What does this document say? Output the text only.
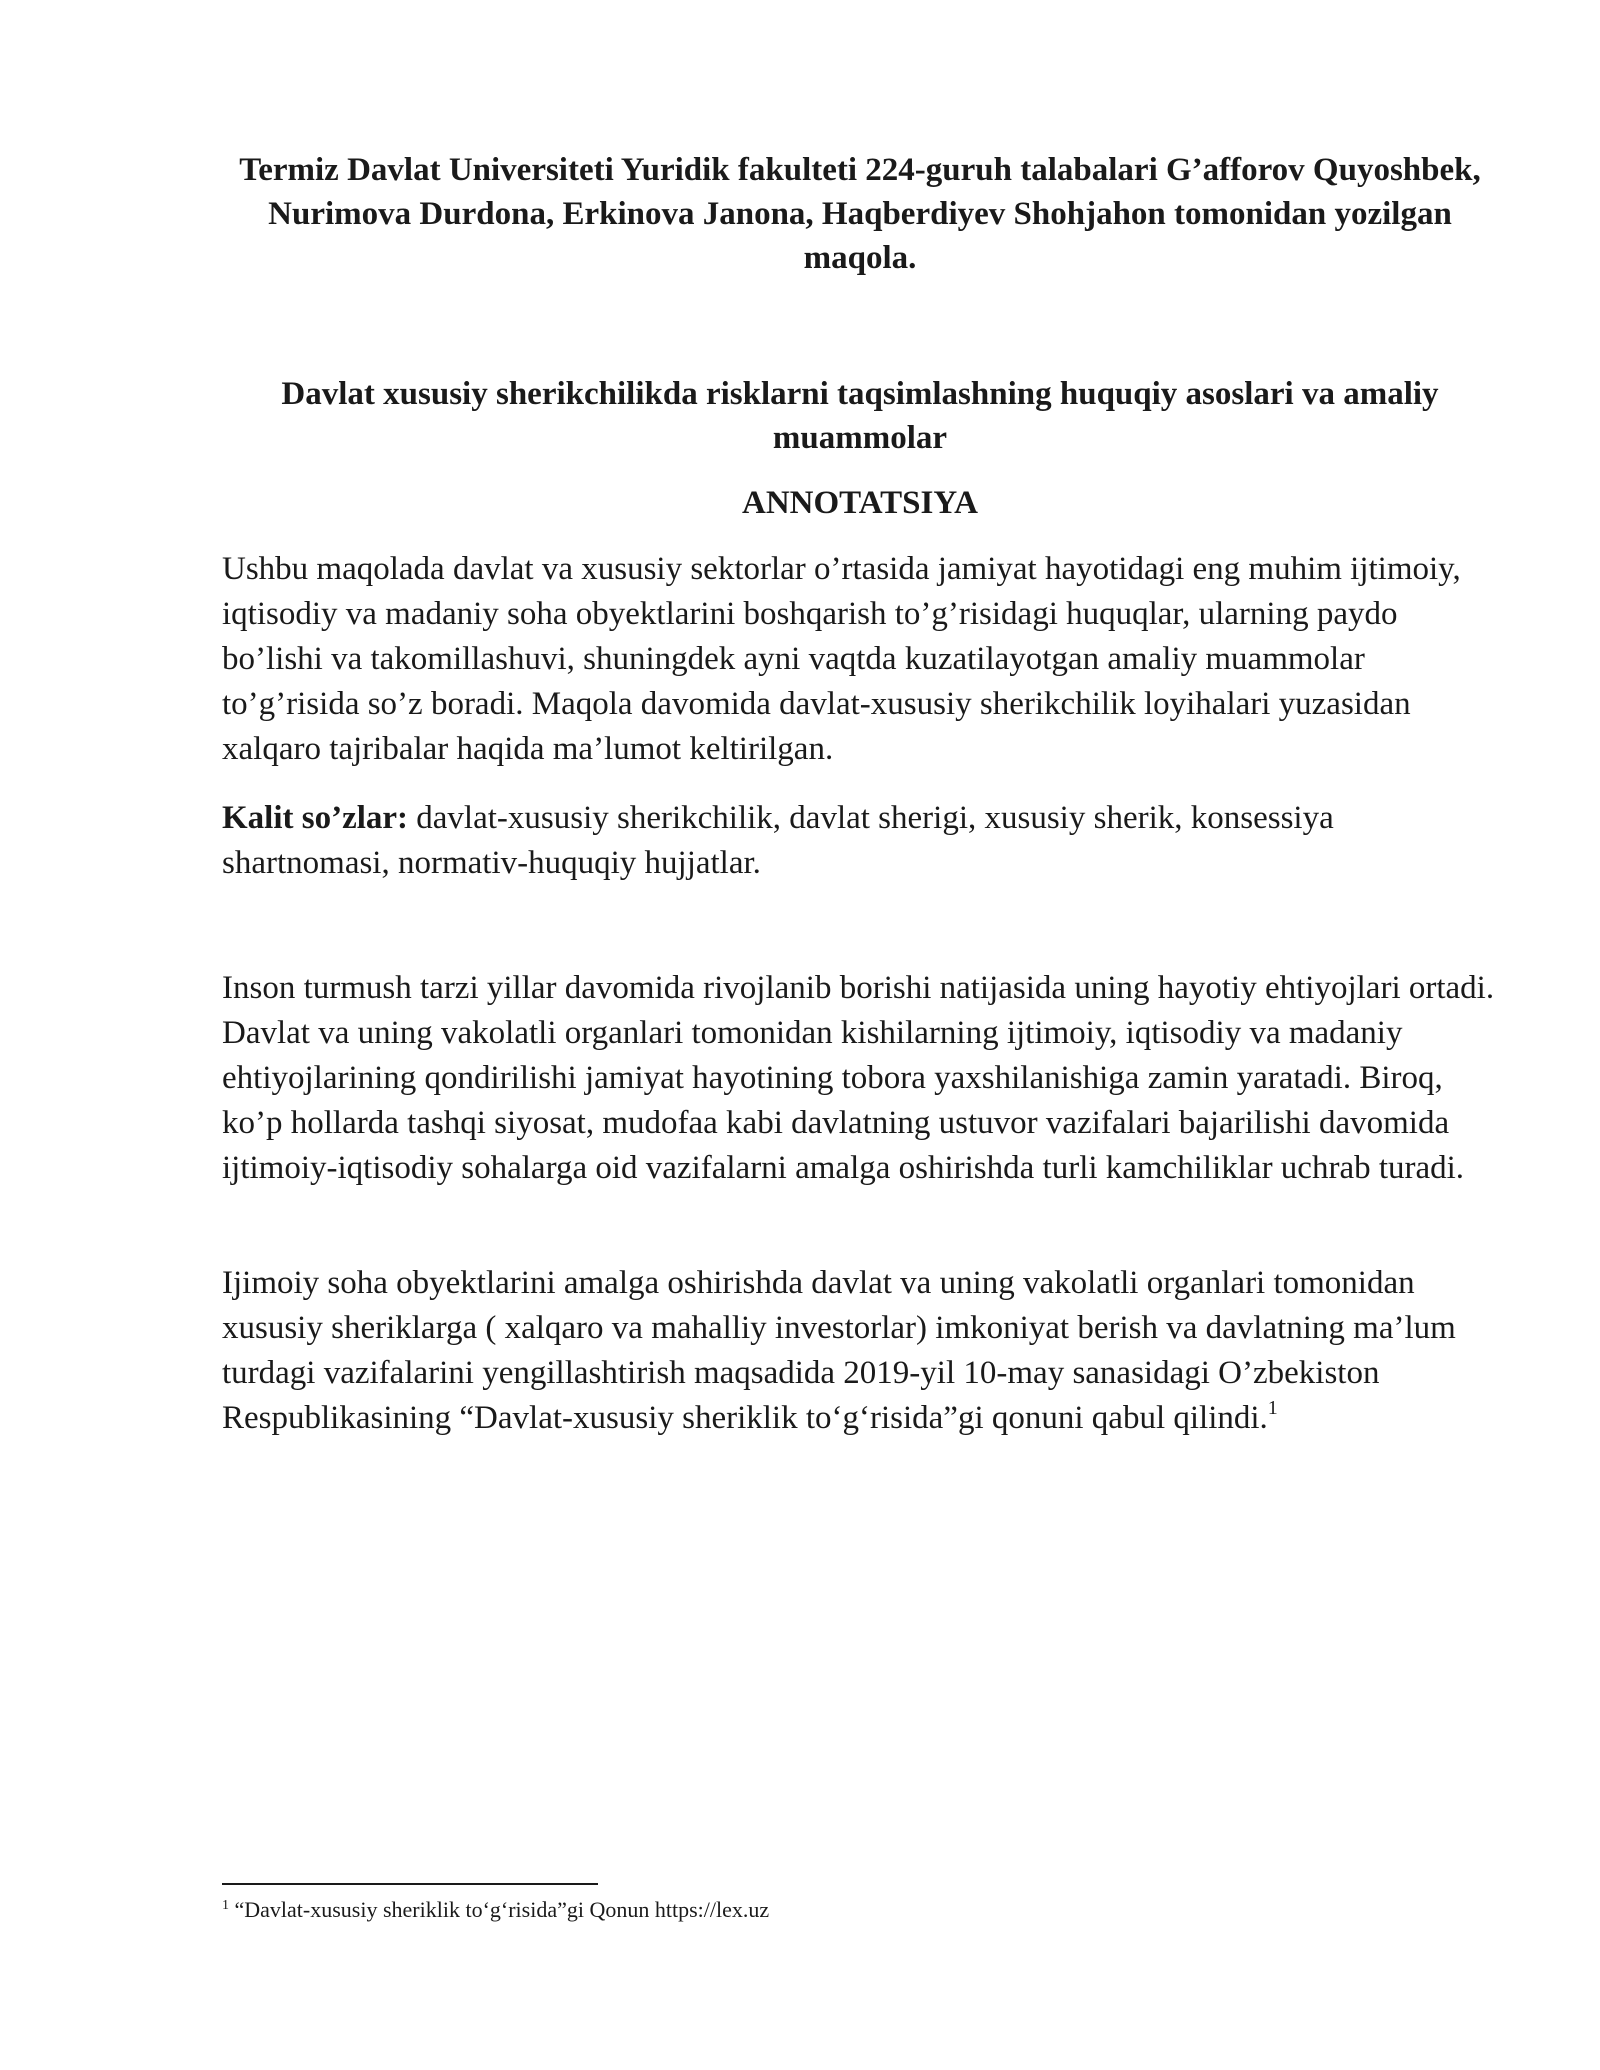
Termiz Davlat Universiteti Yuridik fakulteti 224-guruh talabalari G’afforov Quyoshbek, Nurimova Durdona, Erkinova Janona, Haqberdiyev Shohjahon tomonidan yozilgan maqola.
Davlat xususiy sherikchilikda risklarni taqsimlashning huquqiy asoslari va amaliy muammolar
ANNOTATSIYA

Ushbu maqolada davlat va xususiy sektorlar o’rtasida jamiyat hayotidagi eng muhim ijtimoiy, iqtisodiy va madaniy soha obyektlarini boshqarish to’g’risidagi huquqlar, ularning paydo bo’lishi va takomillashuvi, shuningdek ayni vaqtda kuzatilayotgan amaliy muammolar to’g’risida so’z boradi. Maqola davomida davlat-xususiy sherikchilik loyihalari yuzasidan xalqaro tajribalar haqida ma’lumot keltirilgan.

Kalit so’zlar: davlat-xususiy sherikchilik, davlat sherigi, xususiy sherik, konsessiya shartnomasi, normativ-huquqiy hujjatlar.

Inson turmush tarzi yillar davomida rivojlanib borishi natijasida uning hayotiy ehtiyojlari ortadi. Davlat va uning vakolatli organlari tomonidan kishilarning ijtimoiy, iqtisodiy va madaniy ehtiyojlarining qondirilishi jamiyat hayotining tobora yaxshilanishiga zamin yaratadi. Biroq, ko’p hollarda tashqi siyosat, mudofaa kabi davlatning ustuvor vazifalari bajarilishi davomida ijtimoiy-iqtisodiy sohalarga oid vazifalarni amalga oshirishda turli kamchiliklar uchrab turadi.

Ijimoiy soha obyektlarini amalga oshirishda davlat va uning vakolatli organlari tomonidan xususiy sheriklarga ( xalqaro va mahalliy investorlar) imkoniyat berish va davlatning ma’lum turdagi vazifalarini yengillashtirish maqsadida 2019-yil 10-may sanasidagi O’zbekiston Respublikasining “Davlat-xususiy sheriklik to‘g‘risida”gi qonuni qabul qilindi.$^1$

$^1$ “Davlat-xususiy sheriklik to‘g‘risida”gi Qonun https://lex.uz
